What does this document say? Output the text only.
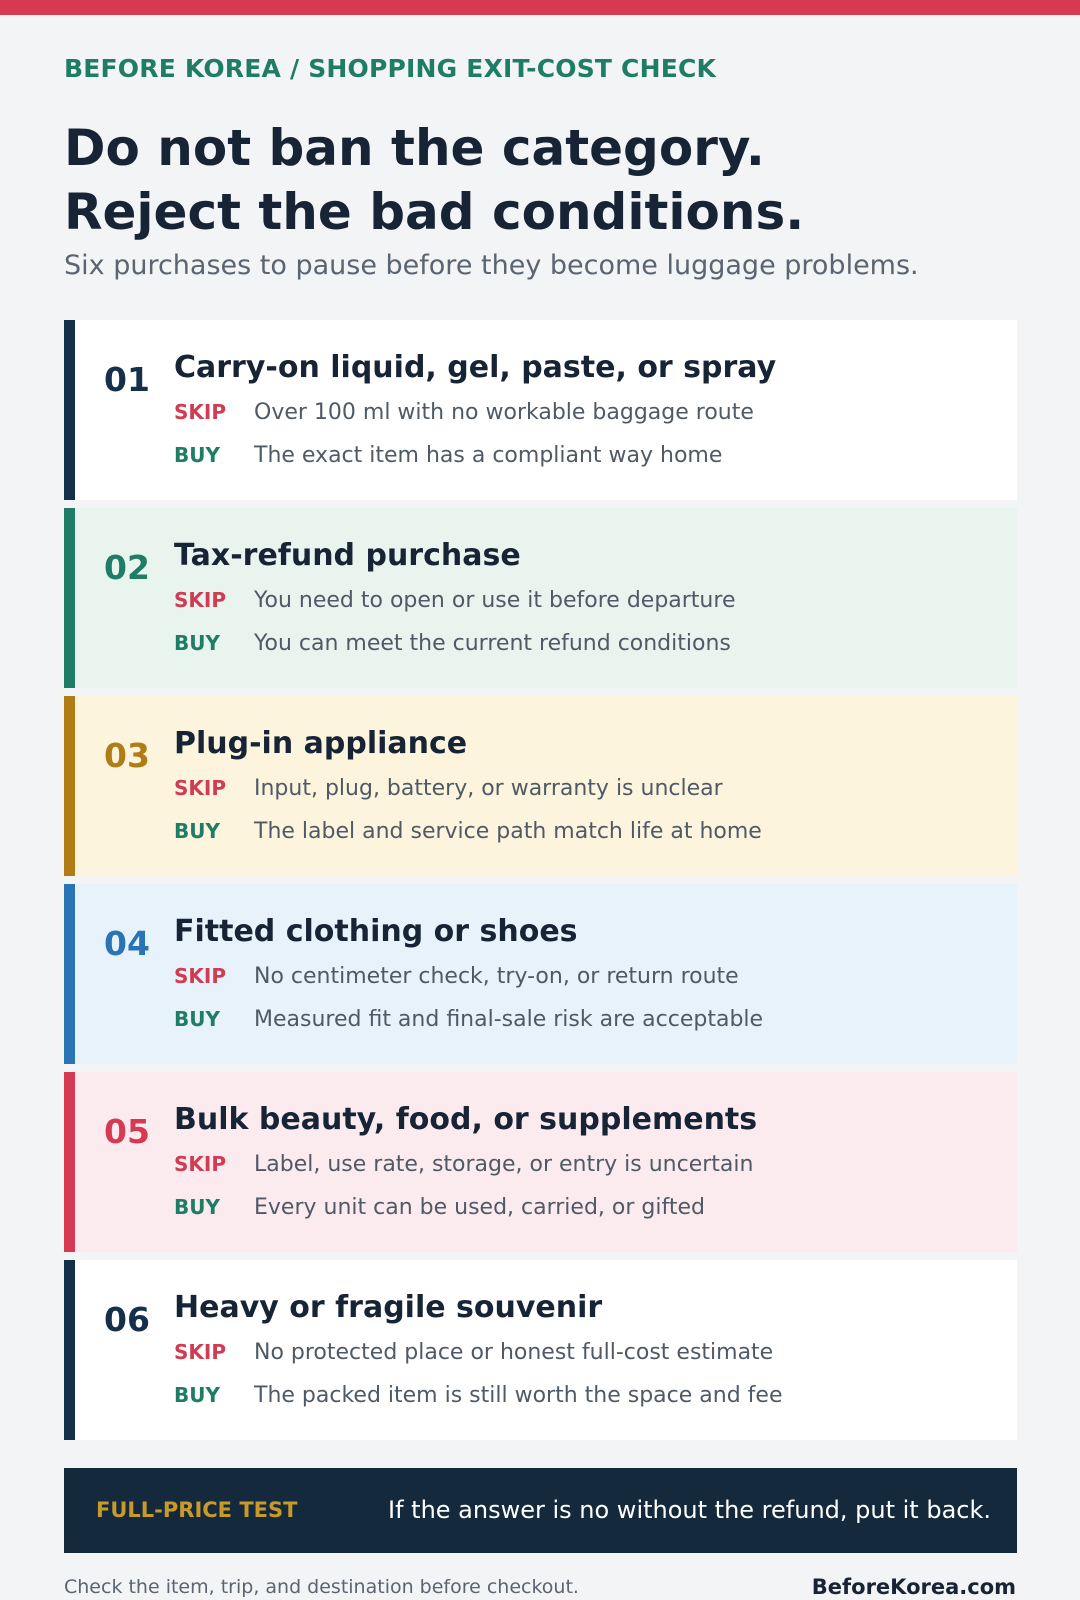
BEFORE KOREA / SHOPPING EXIT-COST CHECK
Do not ban the category.
Reject the bad conditions.
Six purchases to pause before they become luggage problems.
01 Carry-on liquid, gel, paste, or spray
SKIP Over 100 ml with no workable baggage route
BUY The exact item has a compliant way home
02 Tax-refund purchase
SKIP You need to open or use it before departure
BUY You can meet the current refund conditions
03 Plug-in appliance
SKIP Input, plug, battery, or warranty is unclear
BUY The label and service path match life at home
04 Fitted clothing or shoes
SKIP No centimeter check, try-on, or return route
BUY Measured fit and final-sale risk are acceptable
05 Bulk beauty, food, or supplements
SKIP Label, use rate, storage, or entry is uncertain
BUY Every unit can be used, carried, or gifted
06 Heavy or fragile souvenir
SKIP No protected place or honest full-cost estimate
BUY The packed item is still worth the space and fee
FULL-PRICE TEST	If the answer is no without the refund, put it back.
Check the item, trip, and destination before checkout.	BeforeKorea.com
